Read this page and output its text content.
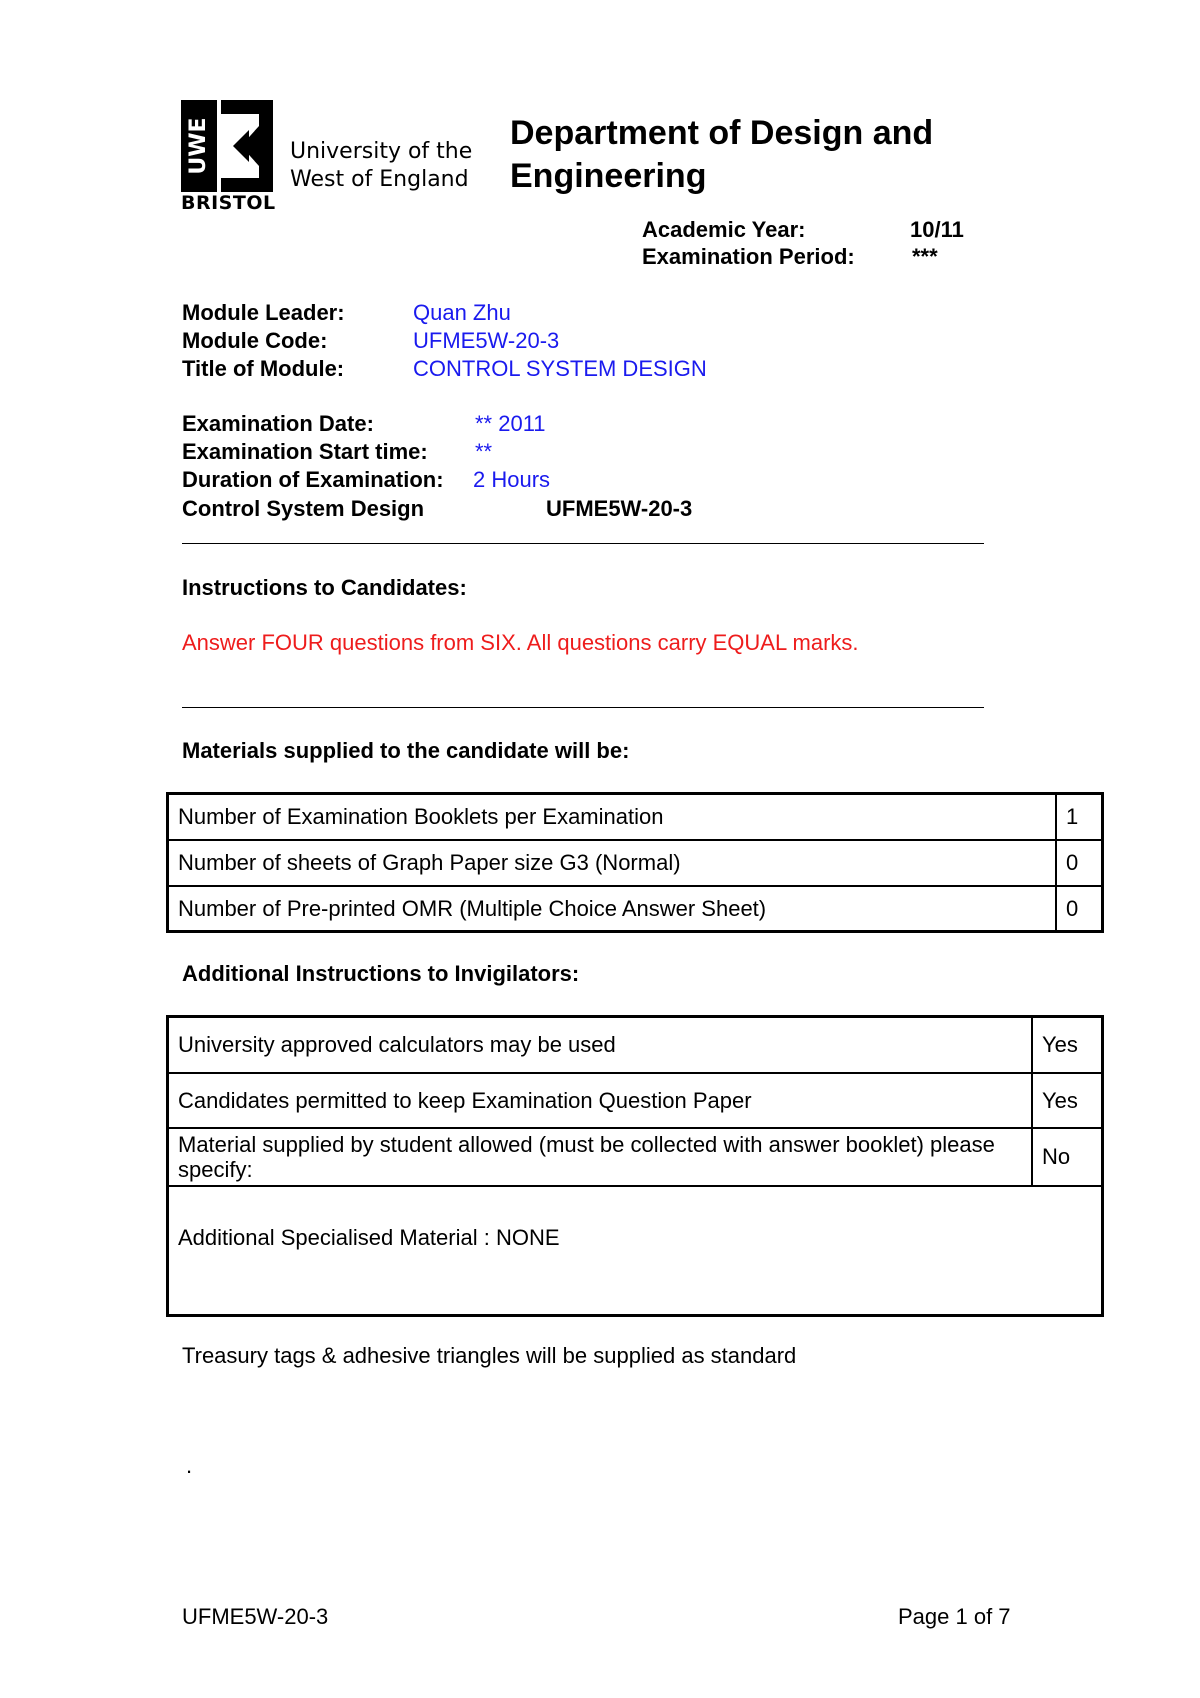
UWE
BRISTOL
University of the
West of England
Department of Design and
Engineering
Academic Year:	10/11
Examination Period:	***
Module Leader:	Quan Zhu
Module Code:	UFME5W-20-3
Title of Module:	CONTROL SYSTEM DESIGN
Examination Date:	** 2011
Examination Start time: **
Duration of Examination: 2 Hours
Control System Design	UFME5W-20-3
Instructions to Candidates:
Answer FOUR questions from SIX. All questions carry EQUAL marks.
Materials supplied to the candidate will be:
Number of Examination Booklets per Examination	1
Number of sheets of Graph Paper size G3 (Normal)	0
Number of Pre-printed OMR (Multiple Choice Answer Sheet)	0
Additional Instructions to Invigilators:
University approved calculators may be used	Yes
Candidates permitted to keep Examination Question Paper	Yes
Material supplied by student allowed (must be collected with answer booklet) please specify:	No
Additional Specialised Material : NONE	
Treasury tags & adhesive triangles will be supplied as standard
.
UFME5W-20-3	Page 1 of 7
